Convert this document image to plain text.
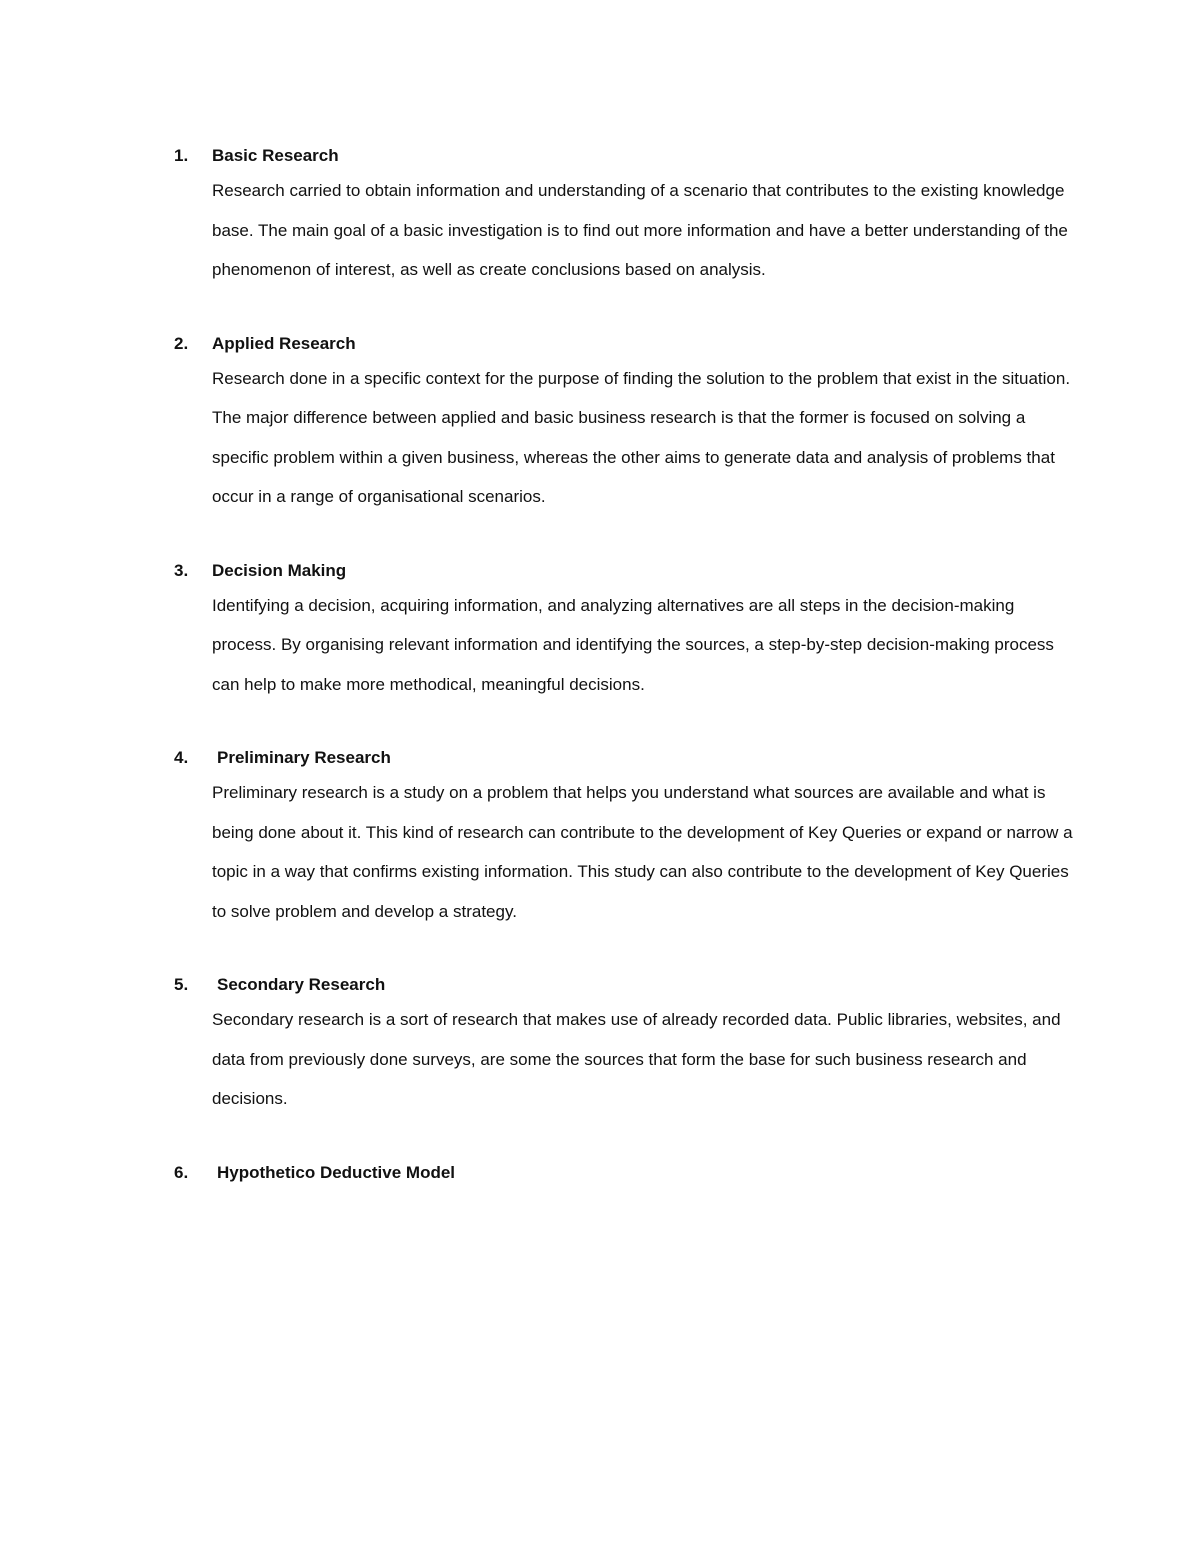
1. Basic Research

Research carried to obtain information and understanding of a scenario that contributes to the existing knowledge base. The main goal of a basic investigation is to find out more information and have a better understanding of the phenomenon of interest, as well as create conclusions based on analysis.

2. Applied Research

Research done in a specific context for the purpose of finding the solution to the problem that exist in the situation. The major difference between applied and basic business research is that the former is focused on solving a specific problem within a given business, whereas the other aims to generate data and analysis of problems that occur in a range of organisational scenarios.

3. Decision Making

Identifying a decision, acquiring information, and analyzing alternatives are all steps in the decision-making process. By organising relevant information and identifying the sources, a step-by-step decision-making process can help to make more methodical, meaningful decisions.

4. Preliminary Research

Preliminary research is a study on a problem that helps you understand what sources are available and what is being done about it. This kind of research can contribute to the development of Key Queries or expand or narrow a topic in a way that confirms existing information. This study can also contribute to the development of Key Queries to solve problem and develop a strategy.

5. Secondary Research

Secondary research is a sort of research that makes use of already recorded data. Public libraries, websites, and data from previously done surveys, are some the sources that form the base for such business research and decisions.

6. Hypothetico Deductive Model
